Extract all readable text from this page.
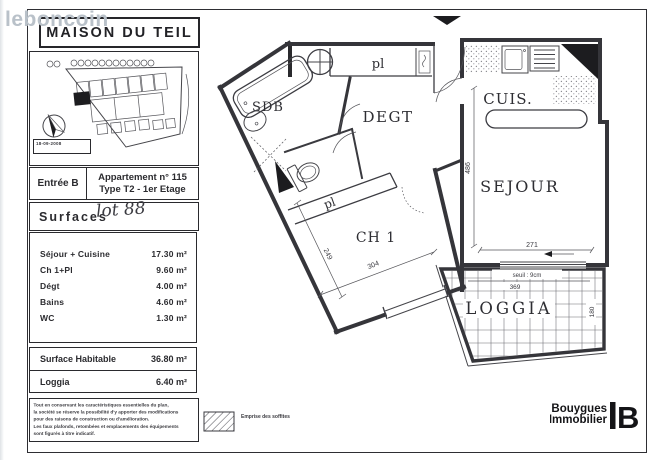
leboncoin
MAISON DU TEIL
18-09-2008
Entrée B
Appartement n° 115
Type T2 - 1er Etage
Surfaces
lot 88
Séjour + Cuisine	17.30 m²
Ch 1+Pl	9.60 m²
Dégt	4.00 m²
Bains	4.60 m²
WC	1.30 m²
Surface Habitable	36.80 m²
Loggia	6.40 m²
Tout en conservant les caractéristiques essentielles du plan,
la société se réserve la possibilité d'y apporter des modifications
pour des raisons de construction ou d'amélioration.
Les faux plafonds, retombées et emplacements des équipements
sont figurés à titre indicatif.
Emprise des soffites
Bouygues
Immobilier B
seuil : 9cm
369
180
LOGGIA
CUIS.
SEJOUR
486
271
pl
SDB
pl
DEGT
CH 1
304
249
